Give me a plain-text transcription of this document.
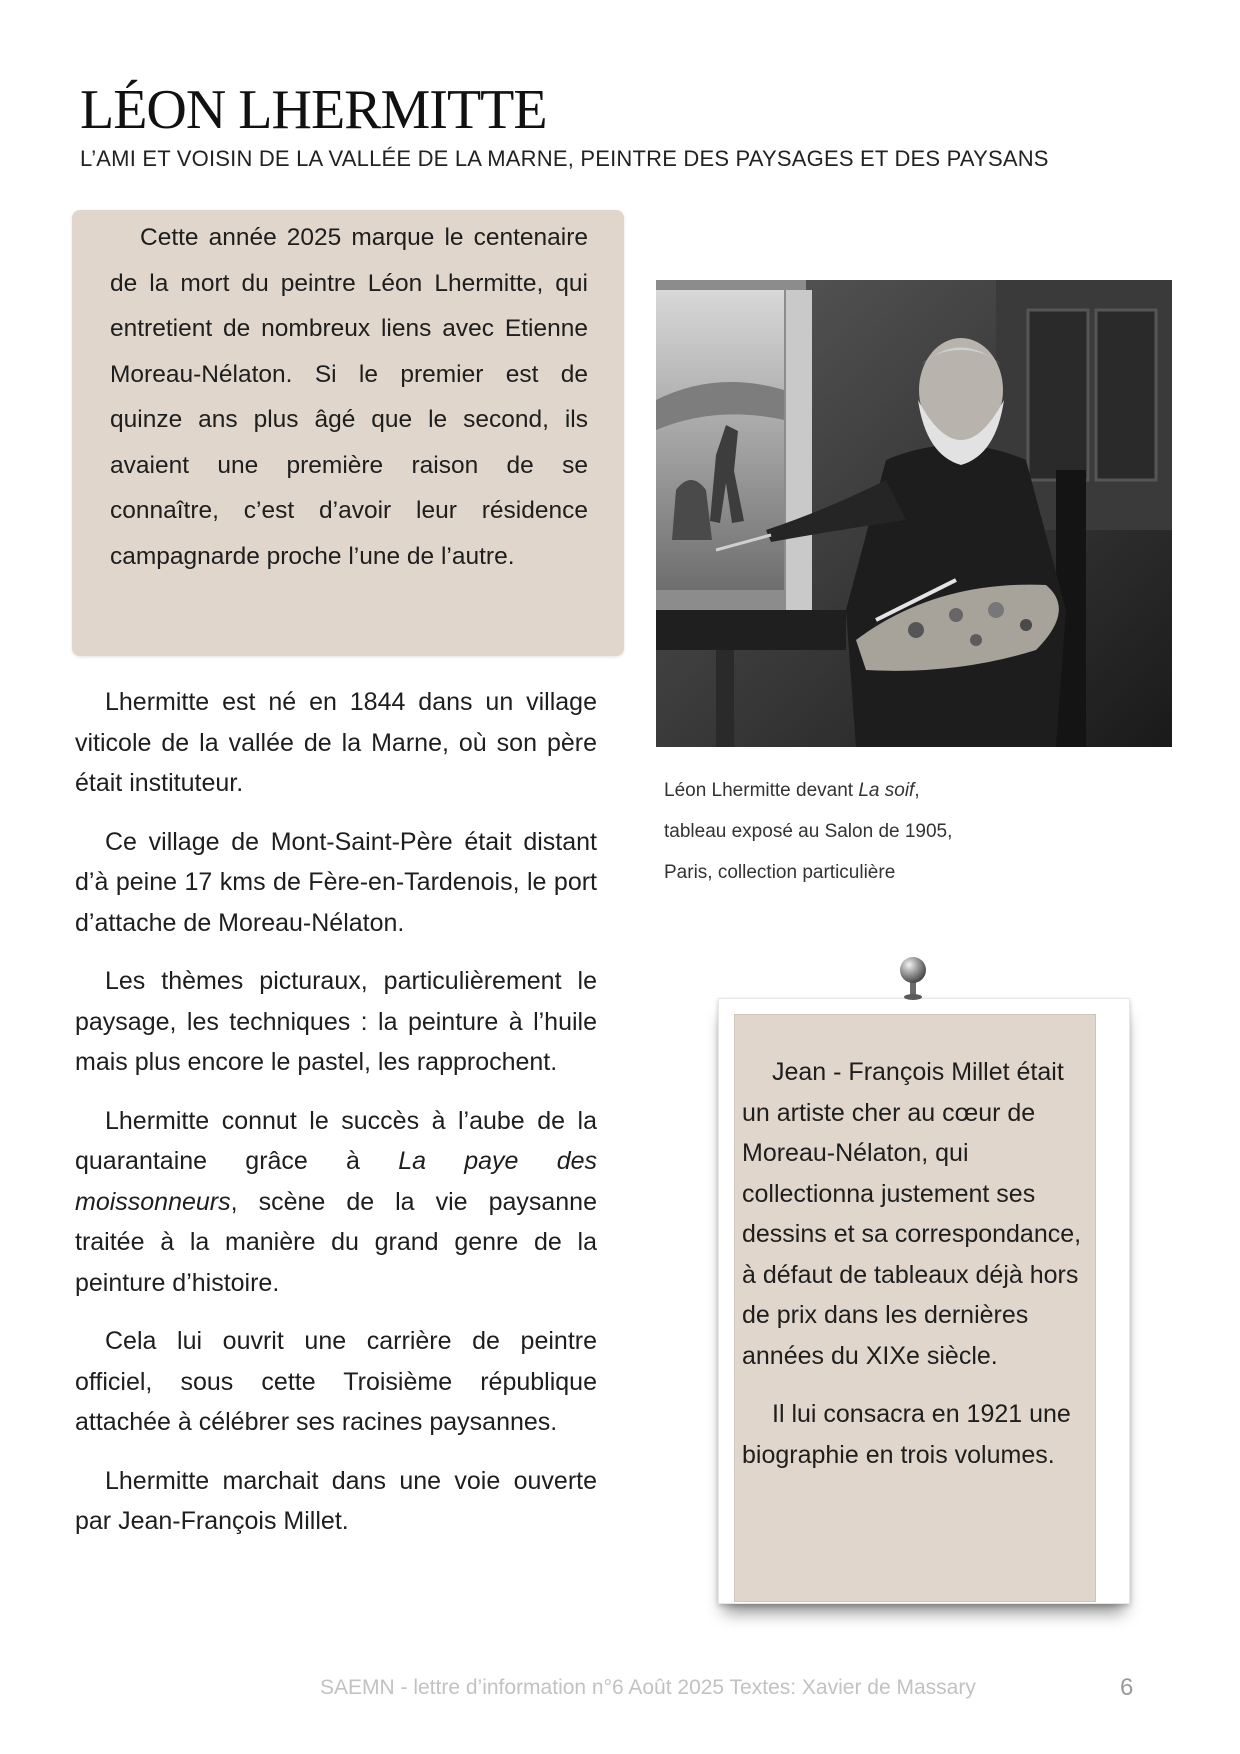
LÉON LHERMITTE

L’AMI ET VOISIN DE LA VALLÉE DE LA MARNE, PEINTRE DES PAYSAGES ET DES PAYSANS

Cette année 2025 marque le centenaire de la mort du peintre Léon Lhermitte, qui entretient de nombreux liens avec Etienne Moreau-Nélaton. Si le premier est de quinze ans plus âgé que le second, ils avaient une première raison de se connaître, c’est d’avoir leur résidence campagnarde proche l’une de l’autre.

Léon Lhermitte devant La soif,
tableau exposé au Salon de 1905,
Paris, collection particulière

Lhermitte est né en 1844 dans un village viticole de la vallée de la Marne, où son père était instituteur.

Ce village de Mont-Saint-Père était distant d’à peine 17 kms de Fère-en-Tardenois, le port d’attache de Moreau-Nélaton.

Les thèmes picturaux, particulièrement le paysage, les techniques : la peinture à l’huile mais plus encore le pastel, les rapprochent.

Lhermitte connut le succès à l’aube de la quarantaine grâce à La paye des moissonneurs, scène de la vie paysanne traitée à la manière du grand genre de la peinture d’histoire.

Cela lui ouvrit une carrière de peintre officiel, sous cette Troisième république attachée à célébrer ses racines paysannes.

Lhermitte marchait dans une voie ouverte par Jean-François Millet.

Jean - François Millet était un artiste cher au cœur de Moreau-Nélaton, qui collectionna justement ses dessins et sa correspondance, à défaut de tableaux déjà hors de prix dans les dernières années du XIXe siècle.

Il lui consacra en 1921 une biographie en trois volumes.

SAEMN - lettre d’information n°6 Août 2025 Textes: Xavier de Massary	6
